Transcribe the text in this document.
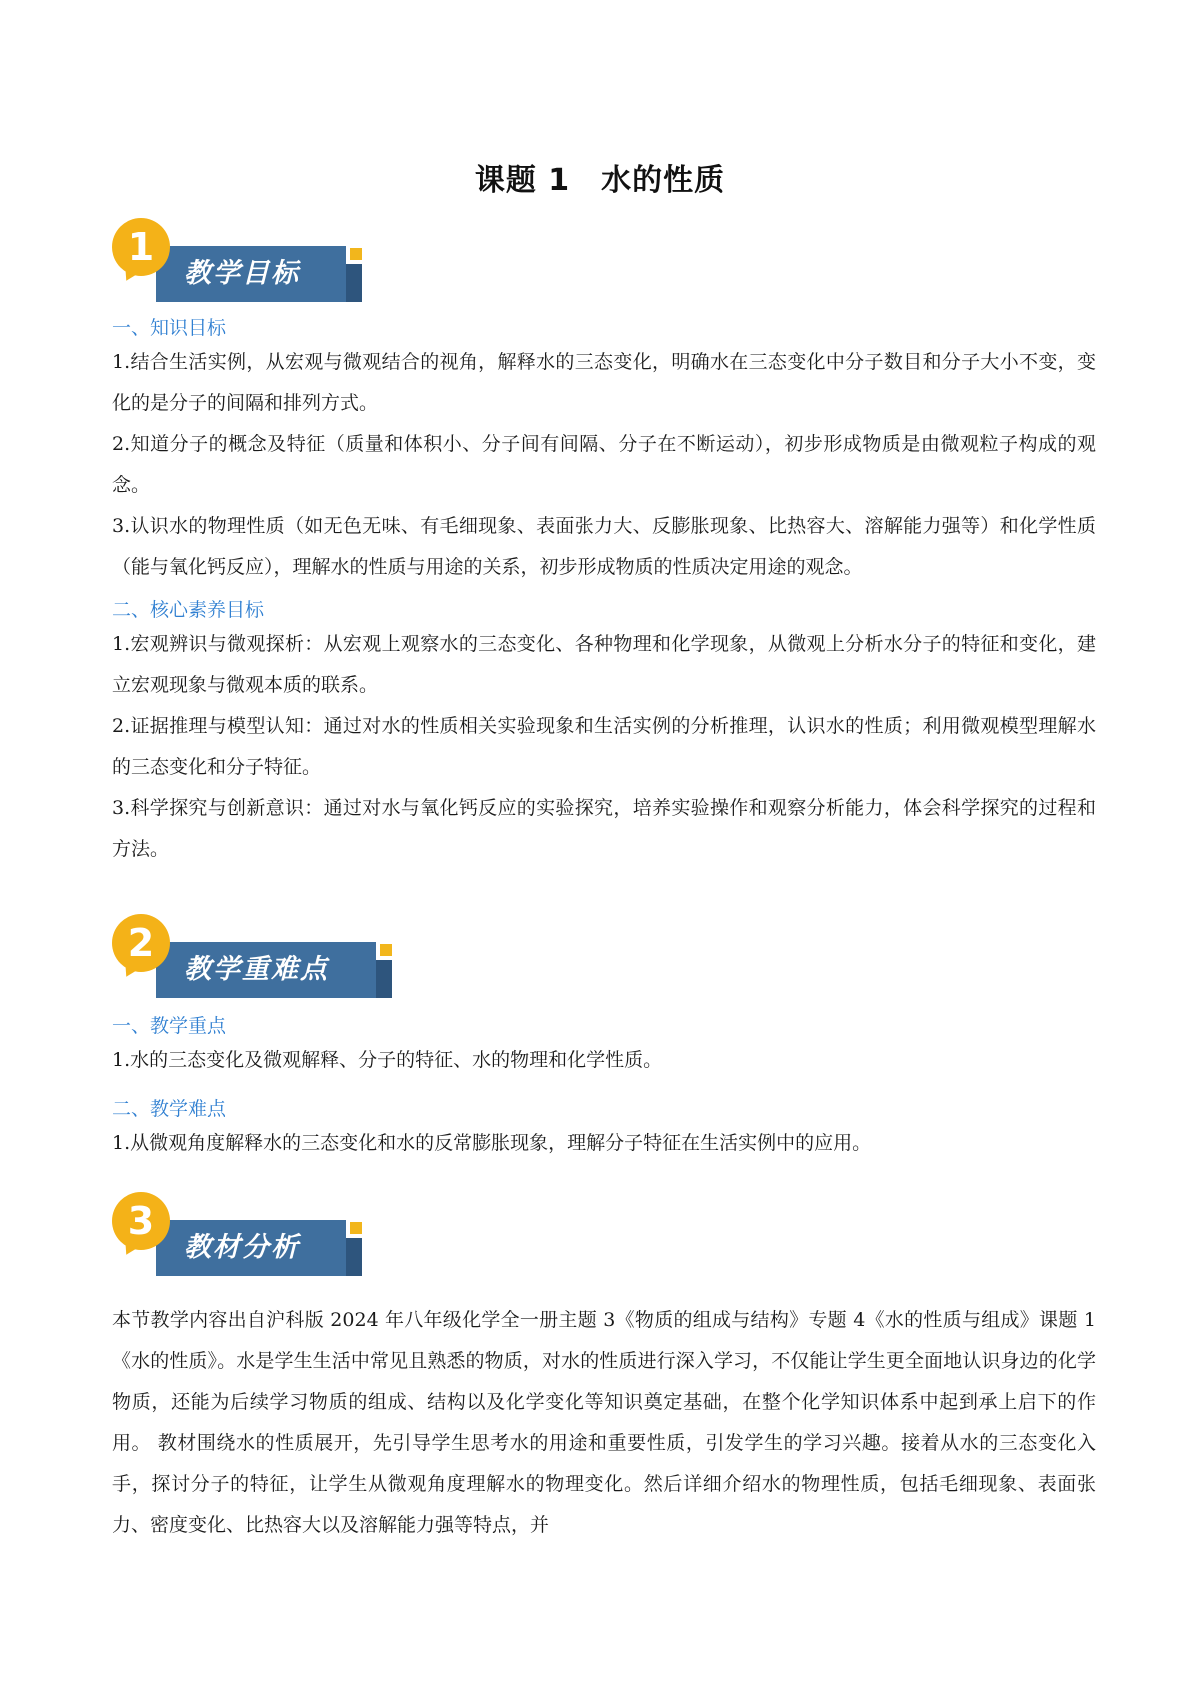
课题 1　水的性质
1
教学目标
一、知识目标
1.结合生活实例，从宏观与微观结合的视角，解释水的三态变化，明确水在三态变化中分子数目和分子大小不变，变化的是分子的间隔和排列方式。
2.知道分子的概念及特征（质量和体积小、分子间有间隔、分子在不断运动），初步形成物质是由微观粒子构成的观念。
3.认识水的物理性质（如无色无味、有毛细现象、表面张力大、反膨胀现象、比热容大、溶解能力强等）和化学性质（能与氧化钙反应），理解水的性质与用途的关系，初步形成物质的性质决定用途的观念。
二、核心素养目标
1.宏观辨识与微观探析：从宏观上观察水的三态变化、各种物理和化学现象，从微观上分析水分子的特征和变化，建立宏观现象与微观本质的联系。
2.证据推理与模型认知：通过对水的性质相关实验现象和生活实例的分析推理，认识水的性质；利用微观模型理解水的三态变化和分子特征。
3.科学探究与创新意识：通过对水与氧化钙反应的实验探究，培养实验操作和观察分析能力，体会科学探究的过程和方法。
2
教学重难点
一、教学重点
1.水的三态变化及微观解释、分子的特征、水的物理和化学性质。
二、教学难点
1.从微观角度解释水的三态变化和水的反常膨胀现象，理解分子特征在生活实例中的应用。
3
教材分析
本节教学内容出自沪科版 2024 年八年级化学全一册主题 3《物质的组成与结构》专题 4《水的性质与组成》课题 1《水的性质》。水是学生生活中常见且熟悉的物质，对水的性质进行深入学习，不仅能让学生更全面地认识身边的化学物质，还能为后续学习物质的组成、结构以及化学变化等知识奠定基础，在整个化学知识体系中起到承上启下的作用。 教材围绕水的性质展开，先引导学生思考水的用途和重要性质，引发学生的学习兴趣。接着从水的三态变化入手，探讨分子的特征，让学生从微观角度理解水的物理变化。然后详细介绍水的物理性质，包括毛细现象、表面张力、密度变化、比热容大以及溶解能力强等特点，并
